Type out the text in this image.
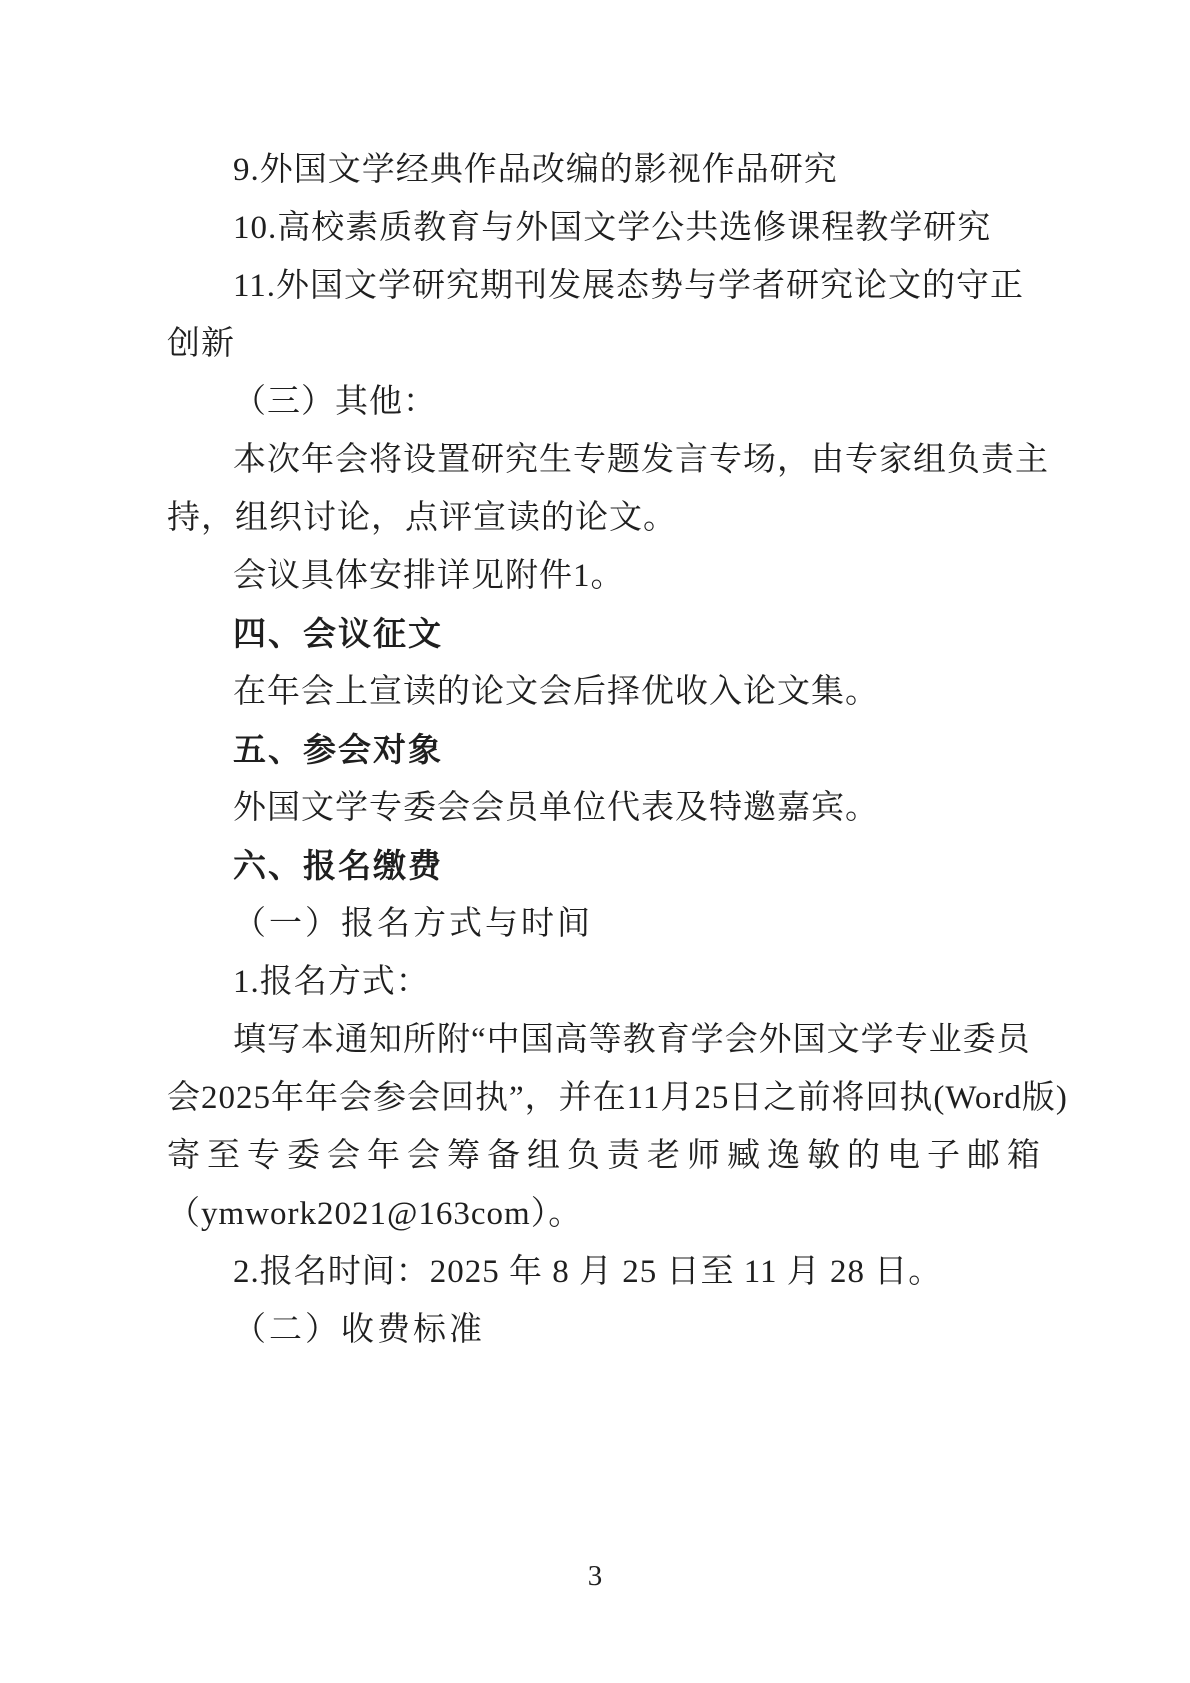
9.外国文学经典作品改编的影视作品研究

10.高校素质教育与外国文学公共选修课程教学研究

11.外国文学研究期刊发展态势与学者研究论文的守正

创新

（三）其他：

本次年会将设置研究生专题发言专场，由专家组负责主

持，组织讨论，点评宣读的论文。

会议具体安排详见附件1。

四、会议征文

在年会上宣读的论文会后择优收入论文集。

五、参会对象

外国文学专委会会员单位代表及特邀嘉宾。

六、报名缴费

（一）报名方式与时间

1.报名方式：

填写本通知所附“中国高等教育学会外国文学专业委员

会2025年年会参会回执”，并在11月25日之前将回执(Word版)

寄至专委会年会筹备组负责老师臧逸敏的电子邮箱

（ymwork2021@163com）。

2.报名时间：2025 年 8 月 25 日至 11 月 28 日。

（二）收费标准

3
